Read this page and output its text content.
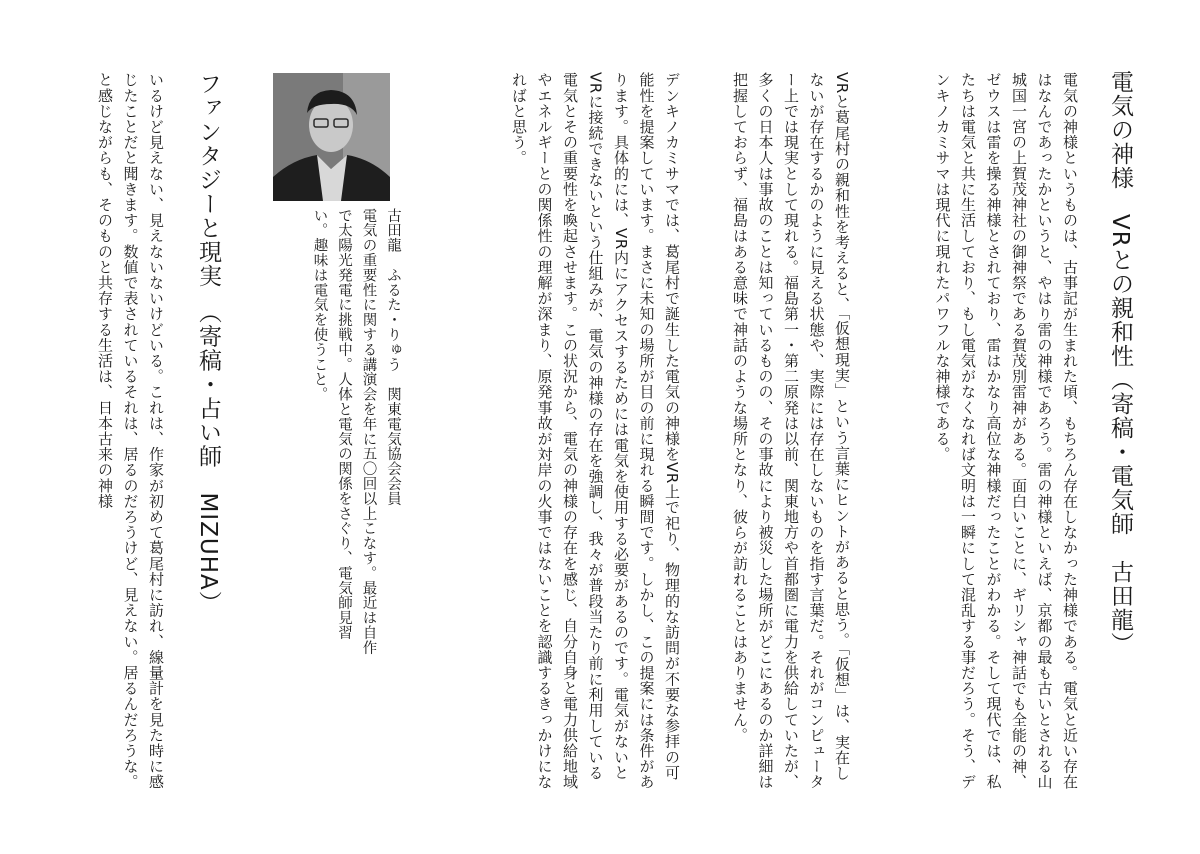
電気の神様　VRとの親和性（寄稿・電気師　古田龍）

電気の神様というものは、古事記が生まれた頃、もちろん存在しなかった神様である。電気と近い存在はなんであったかというと、やはり雷の神様であろう。雷の神様といえば、京都の最も古いとされる山城国一宮の上賀茂神社の御神祭である賀茂別雷神がある。面白いことに、ギリシャ神話でも全能の神、ゼウスは雷を操る神様とされており、雷はかなり高位な神様だったことがわかる。そして現代では、私たちは電気と共に生活しており、もし電気がなくなれば文明は一瞬にして混乱する事だろう。そう、デンキノカミサマは現代に現れたパワフルな神様である。

VRと葛尾村の親和性を考えると、「仮想現実」という言葉にヒントがあると思う。「仮想」は、実在しないが存在するかのように見える状態や、実際には存在しないものを指す言葉だ。それがコンピューター上では現実として現れる。福島第一・第二原発は以前、関東地方や首都圏に電力を供給していたが、多くの日本人は事故のことは知っているものの、その事故により被災した場所がどこにあるのか詳細は把握しておらず、福島はある意味で神話のような場所となり、彼らが訪れることはありません。

デンキノカミサマでは、葛尾村で誕生した電気の神様をVR上で祀り、物理的な訪問が不要な参拝の可能性を提案しています。まさに未知の場所が目の前に現れる瞬間です。しかし、この提案には条件があります。具体的には、VR内にアクセスするためには電気を使用する必要があるのです。電気がないとVRに接続できないという仕組みが、電気の神様の存在を強調し、我々が普段当たり前に利用している電気とその重要性を喚起させます。この状況から、電気の神様の存在を感じ、自分自身と電力供給地域やエネルギーとの関係性の理解が深まり、原発事故が対岸の火事ではないことを認識するきっかけになればと思う。

古田龍　ふるた・りゅう　関東電気協会会員

電気の重要性に関する講演会を年に五〇回以上こなす。最近は自作で太陽光発電に挑戦中。人体と電気の関係をさぐり、電気師見習い。趣味は電気を使うこと。

ファンタジーと現実　（寄稿・占い師　MIZUHA）

いるけど見えない、見えないないけどいる。これは、作家が初めて葛尾村に訪れ、線量計を見た時に感じたことだと聞きます。数値で表されているそれは、居るのだろうけど、見えない。居るんだろうな。と感じながらも、そのものと共存する生活は、日本古来の神様
